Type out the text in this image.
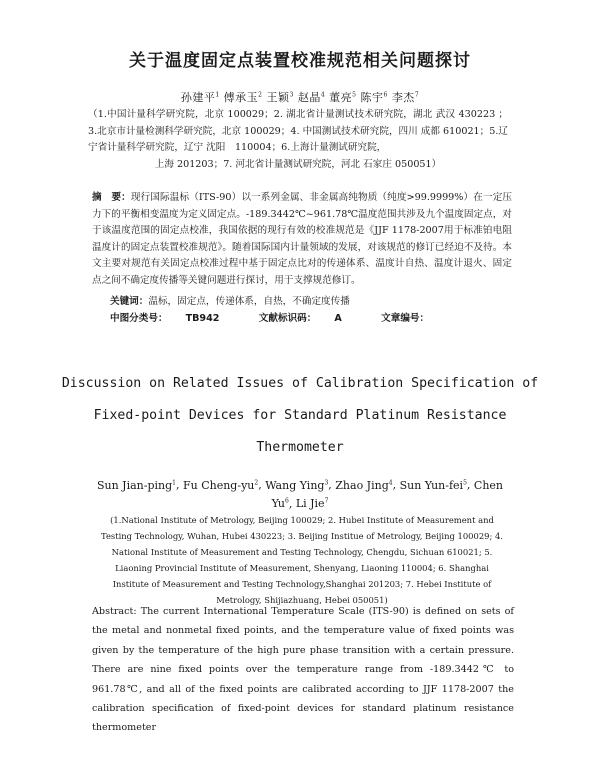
关于温度固定点装置校准规范相关问题探讨
孙建平$^1$ 傅承玉$^2$ 王颖$^3$ 赵晶$^4$ 董亮$^5$ 陈宇$^6$ 李杰$^7$
（1.中国计量科学研究院，北京 100029；2. 湖北省计量测试技术研究院，湖北 武汉 430223 ；3.北京市计量检测科学研究院，北京 100029；4. 中国测试技术研究院，四川 成都 610021；5.辽宁省计量科学研究院，辽宁 沈阳　110004；6.上海计量测试研究院，
上海 201203；7. 河北省计量测试研究院，河北 石家庄 050051）
摘　要：现行国际温标（ITS-90）以一系列金属、非金属高纯物质（纯度>99.9999%）在一定压力下的平衡相变温度为定义固定点。-189.3442℃~961.78℃温度范围共涉及九个温度固定点，对于该温度范围的固定点校准，我国依据的现行有效的校准规范是《JJF 1178-2007用于标准铂电阻温度计的固定点装置校准规范》。随着国际国内计量领域的发展，对该规范的修订已经迫不及待。本文主要对规范有关固定点校准过程中基于固定点比对的传递体系、温度计自热、温度计退火、固定点之间不确定度传播等关键问题进行探讨，用于支撑规范修订。
关键词：温标，固定点，传递体系，自热，不确定度传播
中图分类号： TB942	文献标识码： A	文章编号：
Discussion on Related Issues of Calibration Specification of
Fixed-point Devices for Standard Platinum Resistance
Thermometer
Sun Jian-ping$^1$, Fu Cheng-$yu^2$, Wang Ying$^3$, Zhao Jing$^4$, Sun Yun-fei$^5$, Chen Yu$^6$, Li Jie$^7$
(1.National Institute of Metrology, Beijing 100029; 2. Hubei Institute of Measurement and Testing Technology, Wuhan, Hubei 430223; 3. Beijing Institue of Metrology, Beijing 100029; 4. National Institute of Measurement and Testing Technology, Chengdu, Sichuan 610021; 5. Liaoning Provincial Institute of Measurement, Shenyang, Liaoning 110004; 6. Shanghai Institute of Measurement and Testing Technology,Shanghai 201203; 7. Hebei Institute of Metrology, Shijiazhuang, Hebei 050051)
Abstract: The current International Temperature Scale (ITS-90) is defined on sets of the metal and nonmetal fixed points, and the temperature value of fixed points was given by the temperature of the high pure phase transition with a certain pressure. There are nine fixed points over the temperature range from -189.3442℃ to 961.78℃, and all of the fixed points are calibrated according to JJF 1178-2007 the calibration specification of fixed-point devices for standard platinum resistance thermometer
